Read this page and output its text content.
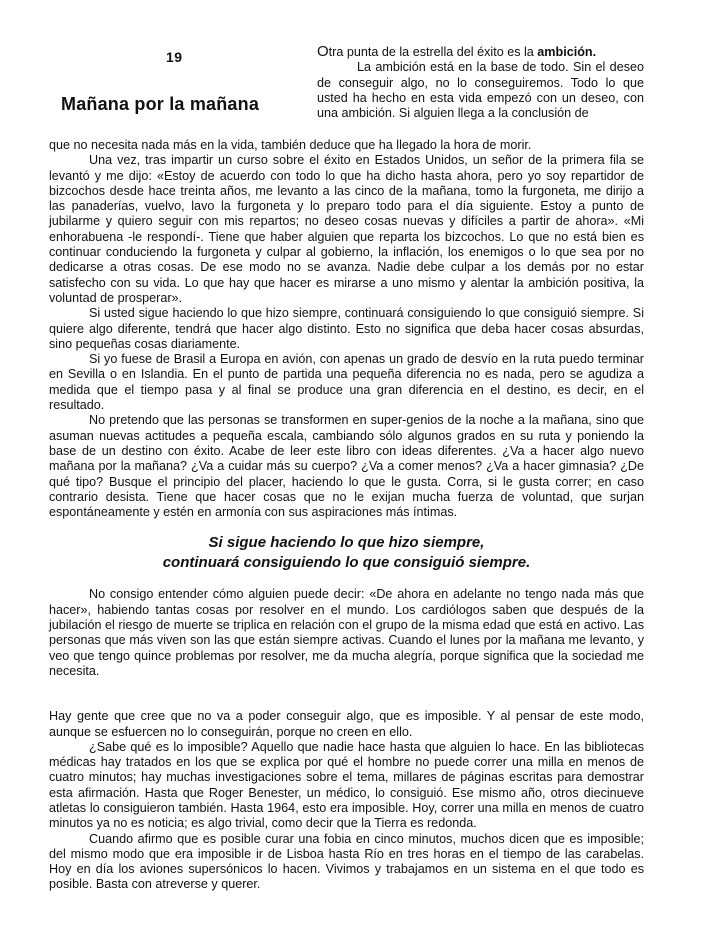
19
Mañana por la mañana
Otra punta de la estrella del éxito es la ambición.

La ambición está en la base de todo. Sin el deseo de conseguir algo, no lo conseguiremos. Todo lo que usted ha hecho en esta vida empezó con un deseo, con una ambición. Si alguien llega a la conclusión de

que no necesita nada más en la vida, también deduce que ha llegado la hora de morir.

Una vez, tras impartir un curso sobre el éxito en Estados Unidos, un señor de la primera fila se levantó y me dijo: «Estoy de acuerdo con todo lo que ha dicho hasta ahora, pero yo soy repartidor de bizcochos desde hace treinta años, me levanto a las cinco de la mañana, tomo la furgoneta, me dirijo a las panaderías, vuelvo, lavo la furgoneta y lo preparo todo para el día siguiente. Estoy a punto de jubilarme y quiero seguir con mis repartos; no deseo cosas nuevas y difíciles a partir de ahora». «Mi enhorabuena -le respondí-. Tiene que haber alguien que reparta los bizcochos. Lo que no está bien es continuar conduciendo la furgoneta y culpar al gobierno, la inflación, los enemigos o lo que sea por no dedicarse a otras cosas. De ese modo no se avanza. Nadie debe culpar a los demás por no estar satisfecho con su vida. Lo que hay que hacer es mirarse a uno mismo y alentar la ambición positiva, la voluntad de prosperar».

Si usted sigue haciendo lo que hizo siempre, continuará consiguiendo lo que consiguió siempre. Si quiere algo diferente, tendrá que hacer algo distinto. Esto no significa que deba hacer cosas absurdas, sino pequeñas cosas diariamente.

Si yo fuese de Brasil a Europa en avión, con apenas un grado de desvío en la ruta puedo terminar en Sevilla o en Islandia. En el punto de partida una pequeña diferencia no es nada, pero se agudiza a medida que el tiempo pasa y al final se produce una gran diferencia en el destino, es decir, en el resultado.

No pretendo que las personas se transformen en super-genios de la noche a la mañana, sino que asuman nuevas actitudes a pequeña escala, cambiando sólo algunos grados en su ruta y poniendo la base de un destino con éxito. Acabe de leer este libro con ideas diferentes. ¿Va a hacer algo nuevo mañana por la mañana? ¿Va a cuidar más su cuerpo? ¿Va a comer menos? ¿Va a hacer gimnasia? ¿De qué tipo? Busque el principio del placer, haciendo lo que le gusta. Corra, si le gusta correr; en caso contrario desista. Tiene que hacer cosas que no le exijan mucha fuerza de voluntad, que surjan espontáneamente y estén en armonía con sus aspiraciones más íntimas.

Si sigue haciendo lo que hizo siempre,
continuará consiguiendo lo que consiguió siempre.

No consigo entender cómo alguien puede decir: «De ahora en adelante no tengo nada más que hacer», habiendo tantas cosas por resolver en el mundo. Los cardiólogos saben que después de la jubilación el riesgo de muerte se triplica en relación con el grupo de la misma edad que está en activo. Las personas que más viven son las que están siempre activas. Cuando el lunes por la mañana me levanto, y veo que tengo quince problemas por resolver, me da mucha alegría, porque significa que la sociedad me necesita.

Hay gente que cree que no va a poder conseguir algo, que es imposible. Y al pensar de este modo, aunque se esfuercen no lo conseguirán, porque no creen en ello.

¿Sabe qué es lo imposible? Aquello que nadie hace hasta que alguien lo hace. En las bibliotecas médicas hay tratados en los que se explica por qué el hombre no puede correr una milla en menos de cuatro minutos; hay muchas investigaciones sobre el tema, millares de páginas escritas para demostrar esta afirmación. Hasta que Roger Benester, un médico, lo consiguió. Ese mismo año, otros diecinueve atletas lo consiguieron también. Hasta 1964, esto era imposible. Hoy, correr una milla en menos de cuatro minutos ya no es noticia; es algo trivial, como decir que la Tierra es redonda.

Cuando afirmo que es posible curar una fobia en cinco minutos, muchos dicen que es imposible; del mismo modo que era imposible ir de Lisboa hasta Río en tres horas en el tiempo de las carabelas. Hoy en día los aviones supersónicos lo hacen. Vivimos y trabajamos en un sistema en el que todo es posible. Basta con atreverse y querer.
